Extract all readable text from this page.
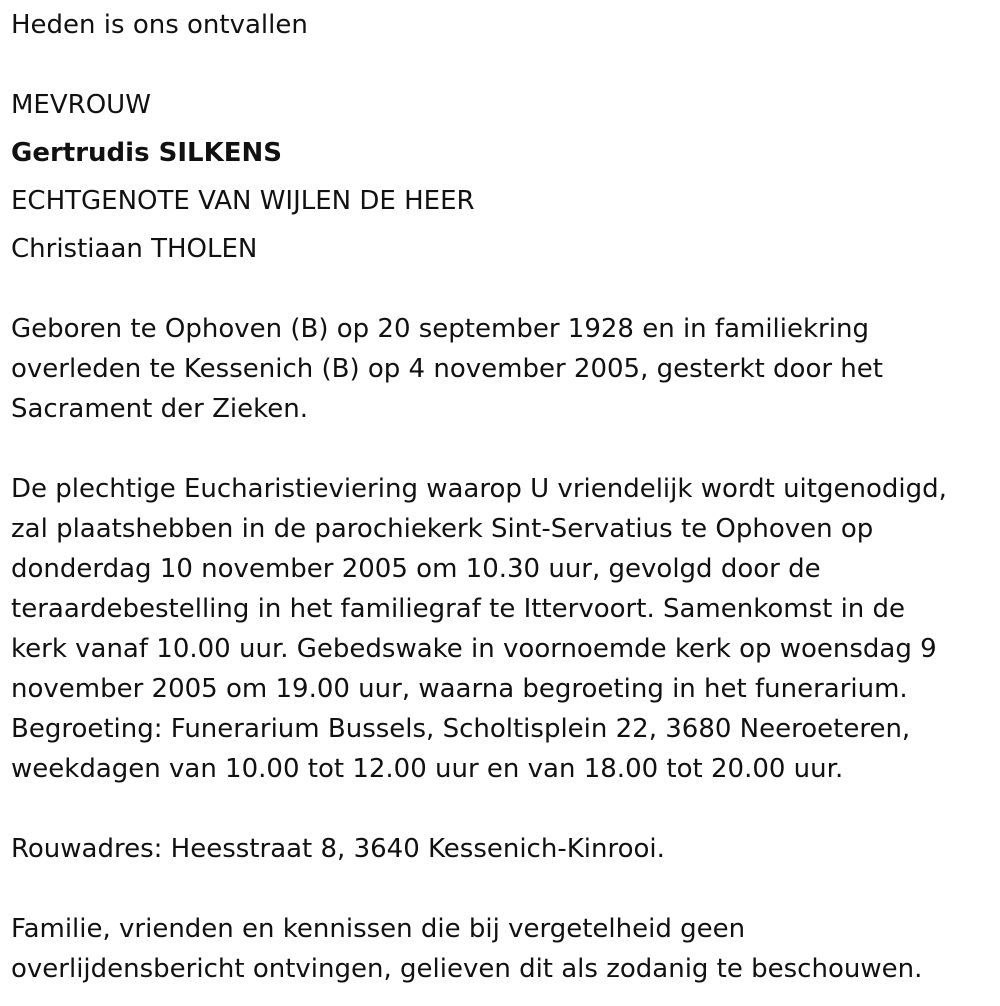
Heden is ons ontvallen

MEVROUW

Gertrudis SILKENS

ECHTGENOTE VAN WIJLEN DE HEER

Christiaan THOLEN

Geboren te Ophoven (B) op 20 september 1928 en in familiekring
overleden te Kessenich (B) op 4 november 2005, gesterkt door het
Sacrament der Zieken.
De plechtige Eucharistieviering waarop U vriendelijk wordt uitgenodigd,
zal plaatshebben in de parochiekerk Sint-Servatius te Ophoven op
donderdag 10 november 2005 om 10.30 uur, gevolgd door de
teraardebestelling in het familiegraf te Ittervoort. Samenkomst in de
kerk vanaf 10.00 uur. Gebedswake in voornoemde kerk op woensdag 9
november 2005 om 19.00 uur, waarna begroeting in het funerarium.
Begroeting: Funerarium Bussels, Scholtisplein 22, 3680 Neeroeteren,
weekdagen van 10.00 tot 12.00 uur en van 18.00 tot 20.00 uur.

Rouwadres: Heesstraat 8, 3640 Kessenich-Kinrooi.

Familie, vrienden en kennissen die bij vergetelheid geen
overlijdensbericht ontvingen, gelieven dit als zodanig te beschouwen.
